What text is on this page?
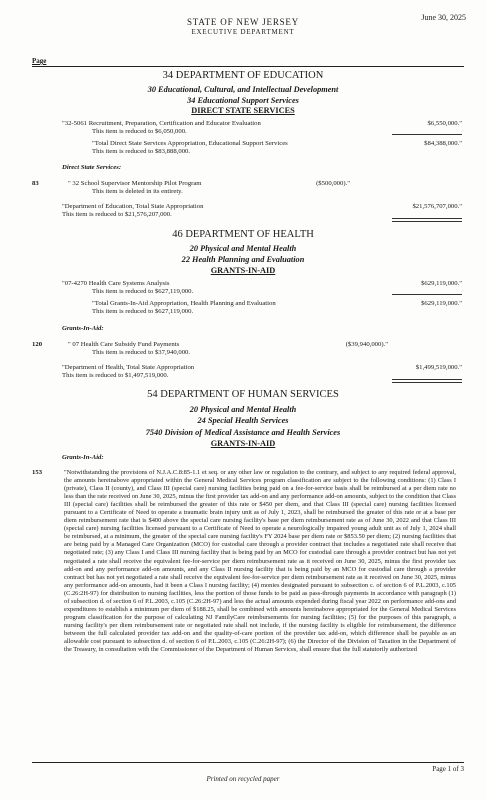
June 30, 2025
STATE OF NEW JERSEY
EXECUTIVE DEPARTMENT
Page
34 DEPARTMENT OF EDUCATION
30 Educational, Cultural, and Intellectual Development
34 Educational Support Services
DIRECT STATE SERVICES
"32-5061 Recruitment, Preparation, Certification and Educator Evaluation
This item is reduced to $6,050,000.
$6,550,000."
"Total Direct State Services Appropriation, Educational Support Services
This item is reduced to $83,888,000.
$84,388,000."
Direct State Services:
83	" 32 School Supervisor Mentorship Pilot Program
This item is deleted in its entirety.
($500,000)."
"Department of Education, Total State Appropriation
This item is reduced to $21,576,207,000.
$21,576,707,000."
46 DEPARTMENT OF HEALTH
20 Physical and Mental Health
22 Health Planning and Evaluation
GRANTS-IN-AID
"07-4270 Health Care Systems Analysis
This item is reduced to $627,119,000.
$629,119,000."
"Total Grants-In-Aid Appropriation, Health Planning and Evaluation
This item is reduced to $627,119,000.
$629,119,000."
Grants-In-Aid:
120	" 07 Health Care Subsidy Fund Payments
This item is reduced to $37,940,000.
($39,940,000)."
"Department of Health, Total State Appropriation
This item is reduced to $1,497,519,000.
$1,499,519,000."
54 DEPARTMENT OF HUMAN SERVICES
20 Physical and Mental Health
24 Special Health Services
7540 Division of Medical Assistance and Health Services
GRANTS-IN-AID
Grants-In-Aid:
153	"Notwithstanding the provisions of N.J.A.C.8:85-1.1 et seq. or any other law or regulation to the contrary, and subject to any required federal approval, the amounts hereinabove appropriated within the General Medical Services program classification are subject to the following conditions: (1) Class I (private), Class II (county), and Class III (special care) nursing facilities being paid on a fee-for-service basis shall be reimbursed at a per diem rate no less than the rate received on June 30, 2025, minus the first provider tax add-on and any performance add-on amounts, subject to the condition that Class III (special care) facilities shall be reimbursed the greater of this rate or $450 per diem, and that Class III (special care) nursing facilities licensed pursuant to a Certificate of Need to operate a traumatic brain injury unit as of July 1, 2023, shall be reimbursed the greater of this rate or at a base per diem reimbursement rate that is $400 above the special care nursing facility's base per diem reimbursement rate as of June 30, 2022 and that Class III (special care) nursing facilities licensed pursuant to a Certificate of Need to operate a neurologically impaired young adult unit as of July 1, 2024 shall be reimbursed, at a minimum, the greater of the special care nursing facility's FY 2024 base per diem rate or $853.50 per diem; (2) nursing facilities that are being paid by a Managed Care Organization (MCO) for custodial care through a provider contract that includes a negotiated rate shall receive that negotiated rate; (3) any Class I and Class III nursing facility that is being paid by an MCO for custodial care through a provider contract but has not yet negotiated a rate shall receive the equivalent fee-for-service per diem reimbursement rate as it received on June 30, 2025, minus the first provider tax add-on and any performance add-on amounts, and any Class II nursing facility that is being paid by an MCO for custodial care through a provider contract but has not yet negotiated a rate shall receive the equivalent fee-for-service per diem reimbursement rate as it received on June 30, 2025, minus any performance add-on amounts, had it been a Class I nursing facility; (4) monies designated pursuant to subsection c. of section 6 of P.L.2003, c.105 (C.26:2H-97) for distribution to nursing facilities, less the portion of those funds to be paid as pass-through payments in accordance with paragraph (1) of subsection d. of section 6 of P.L.2003, c.105 (C.26:2H-97) and less the actual amounts expended during fiscal year 2022 on performance add-ons and expenditures to establish a minimum per diem of $188.25, shall be combined with amounts hereinabove appropriated for the General Medical Services program classification for the purpose of calculating NJ FamilyCare reimbursements for nursing facilities; (5) for the purposes of this paragraph, a nursing facility's per diem reimbursement rate or negotiated rate shall not include, if the nursing facility is eligible for reimbursement, the difference between the full calculated provider tax add-on and the quality-of-care portion of the provider tax add-on, which difference shall be payable as an allowable cost pursuant to subsection d. of section 6 of P.L.2003, c.105 (C.26:2H-97); (6) the Director of the Division of Taxation in the Department of the Treasury, in consultation with the Commissioner of the Department of Human Services, shall ensure that the full statutorily authorized
Page 1 of 3
Printed on recycled paper
